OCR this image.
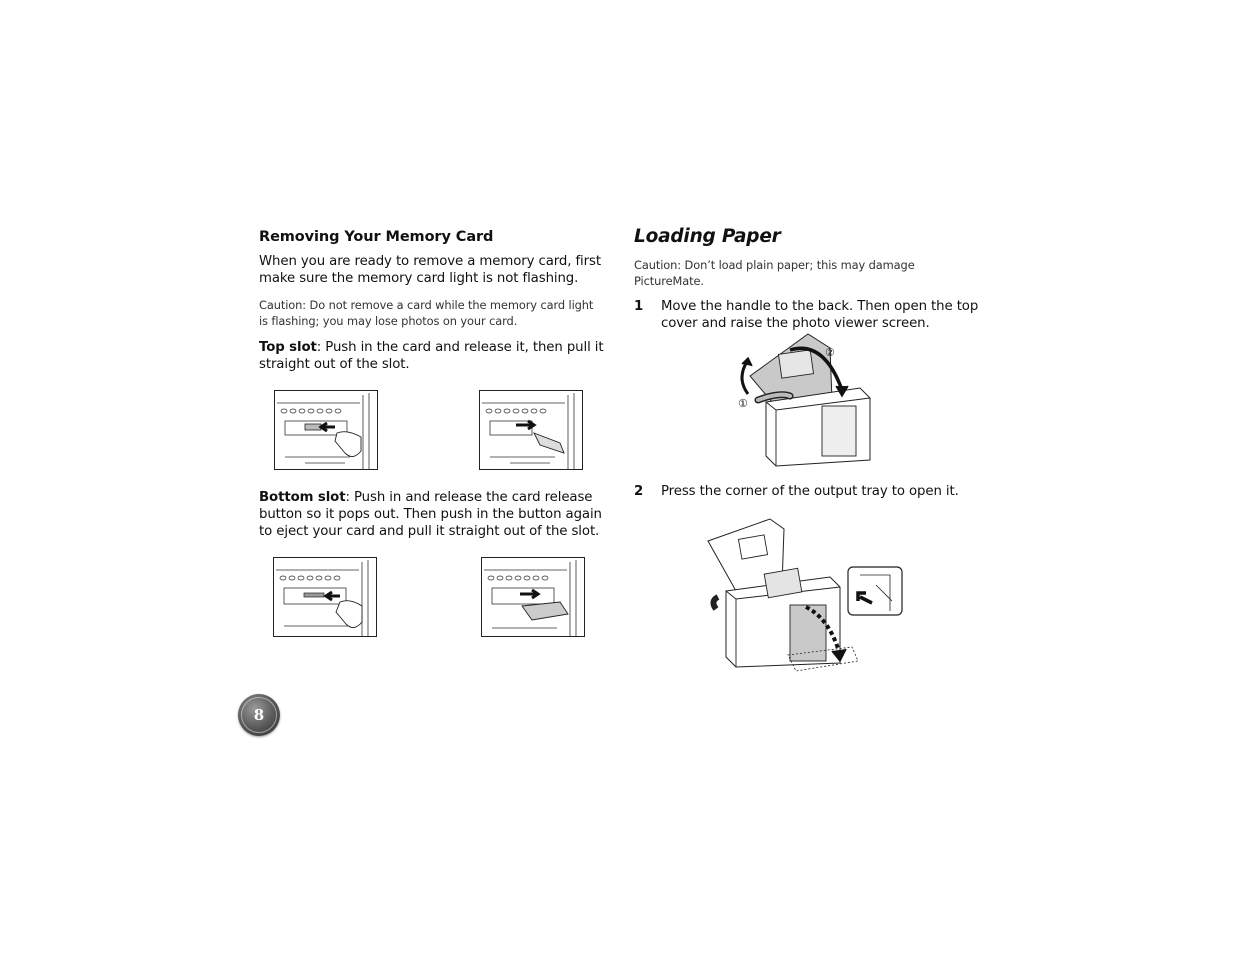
Removing Your Memory Card

When you are ready to remove a memory card, first make sure the memory card light is not flashing.

Caution: Do not remove a card while the memory card light is flashing; you may lose photos on your card.

Top slot: Push in the card and release it, then pull it straight out of the slot.

Bottom slot: Push in and release the card release button so it pops out. Then push in the button again to eject your card and pull it straight out of the slot.

Loading Paper

Caution: Don’t load plain paper; this may damage PictureMate.

1 Move the handle to the back. Then open the top cover and raise the photo viewer screen.
2 Press the corner of the output tray to open it.
①
②
8
